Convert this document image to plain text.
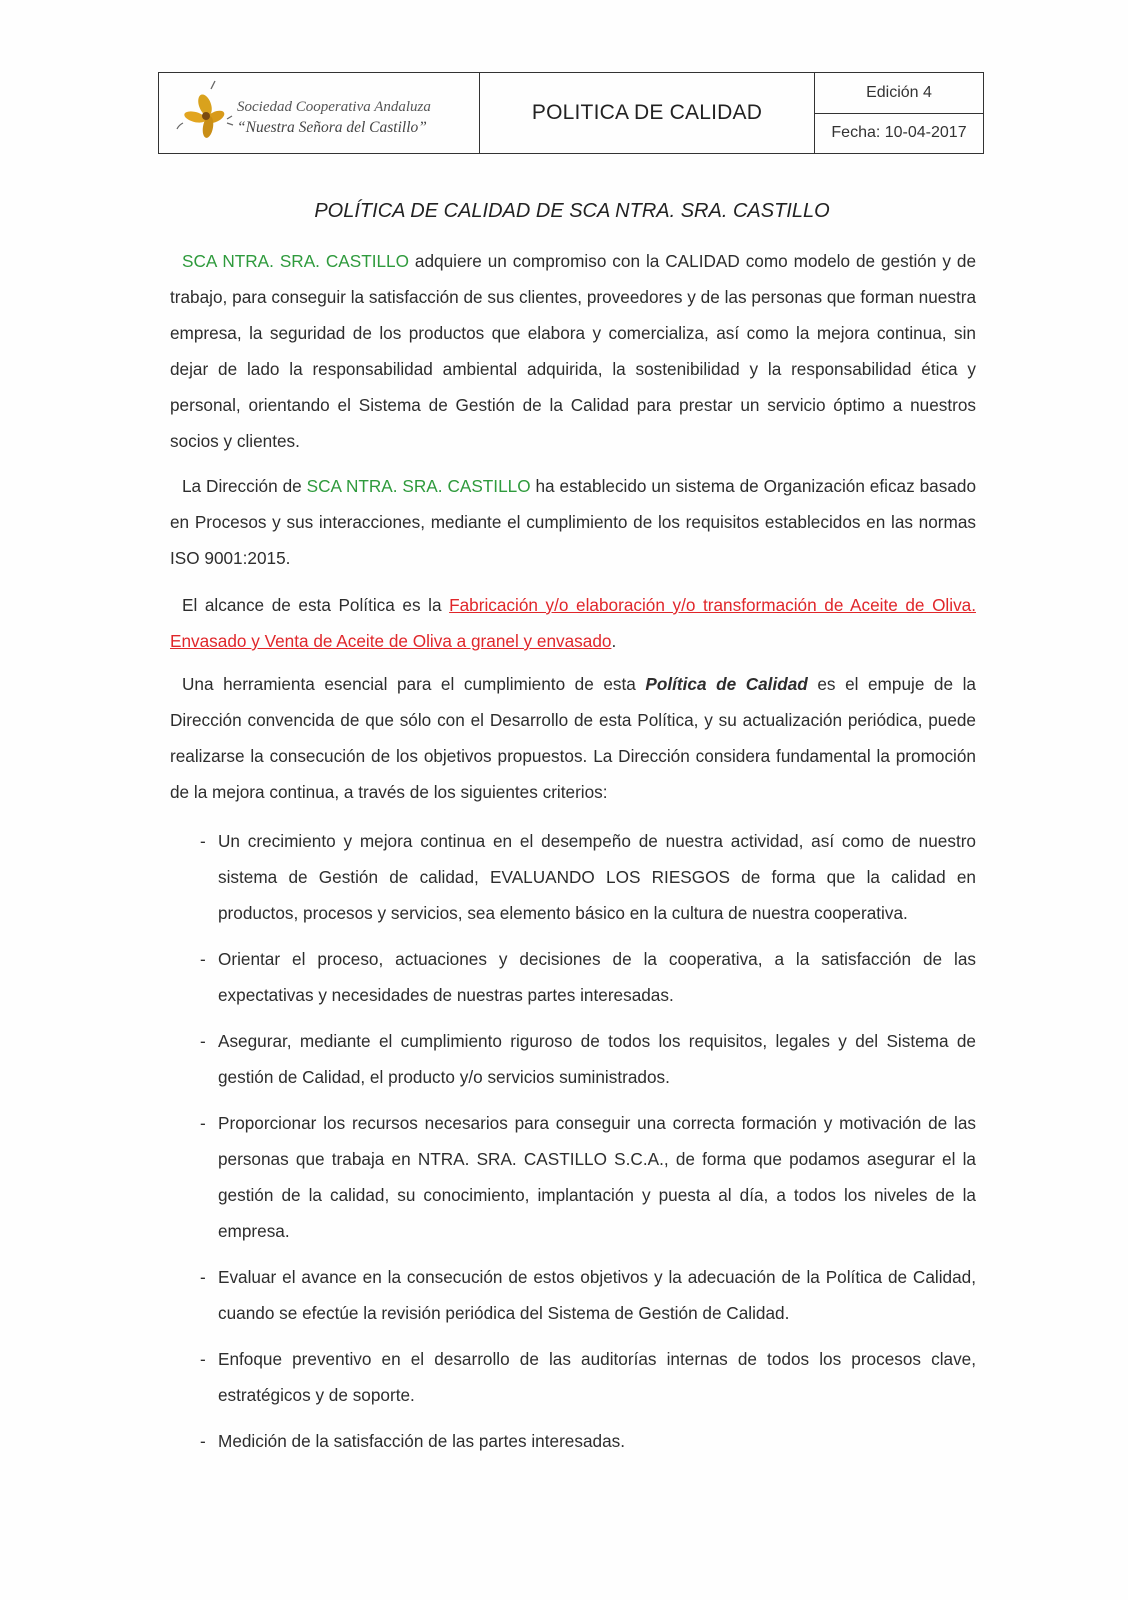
Sociedad Cooperativa Andaluza
“Nuestra Señora del Castillo”
POLITICA DE CALIDAD
Edición 4
Fecha: 10-04-2017
POLÍTICA DE CALIDAD DE SCA NTRA. SRA. CASTILLO

SCA NTRA. SRA. CASTILLO adquiere un compromiso con la CALIDAD como modelo de gestión y de trabajo, para conseguir la satisfacción de sus clientes, proveedores y de las personas que forman nuestra empresa, la seguridad de los productos que elabora y comercializa, así como la mejora continua, sin dejar de lado la responsabilidad ambiental adquirida, la sostenibilidad y la responsabilidad ética y personal, orientando el Sistema de Gestión de la Calidad para prestar un servicio óptimo a nuestros socios y clientes.

La Dirección de SCA NTRA. SRA. CASTILLO ha establecido un sistema de Organización eficaz basado en Procesos y sus interacciones, mediante el cumplimiento de los requisitos establecidos en las normas ISO 9001:2015.

El alcance de esta Política es la Fabricación y/o elaboración y/o transformación de Aceite de Oliva. Envasado y Venta de Aceite de Oliva a granel y envasado.

Una herramienta esencial para el cumplimiento de esta Política de Calidad es el empuje de la Dirección convencida de que sólo con el Desarrollo de esta Política, y su actualización periódica, puede realizarse la consecución de los objetivos propuestos. La Dirección considera fundamental la promoción de la mejora continua, a través de los siguientes criterios:

- Un crecimiento y mejora continua en el desempeño de nuestra actividad, así como de nuestro sistema de Gestión de calidad, EVALUANDO LOS RIESGOS de forma que la calidad en productos, procesos y servicios, sea elemento básico en la cultura de nuestra cooperativa.
- Orientar el proceso, actuaciones y decisiones de la cooperativa, a la satisfacción de las expectativas y necesidades de nuestras partes interesadas.
- Asegurar, mediante el cumplimiento riguroso de todos los requisitos, legales y del Sistema de gestión de Calidad, el producto y/o servicios suministrados.
- Proporcionar los recursos necesarios para conseguir una correcta formación y motivación de las personas que trabaja en NTRA. SRA. CASTILLO S.C.A., de forma que podamos asegurar el la gestión de la calidad, su conocimiento, implantación y puesta al día, a todos los niveles de la empresa.
- Evaluar el avance en la consecución de estos objetivos y la adecuación de la Política de Calidad, cuando se efectúe la revisión periódica del Sistema de Gestión de Calidad.
- Enfoque preventivo en el desarrollo de las auditorías internas de todos los procesos clave, estratégicos y de soporte.
- Medición de la satisfacción de las partes interesadas.
